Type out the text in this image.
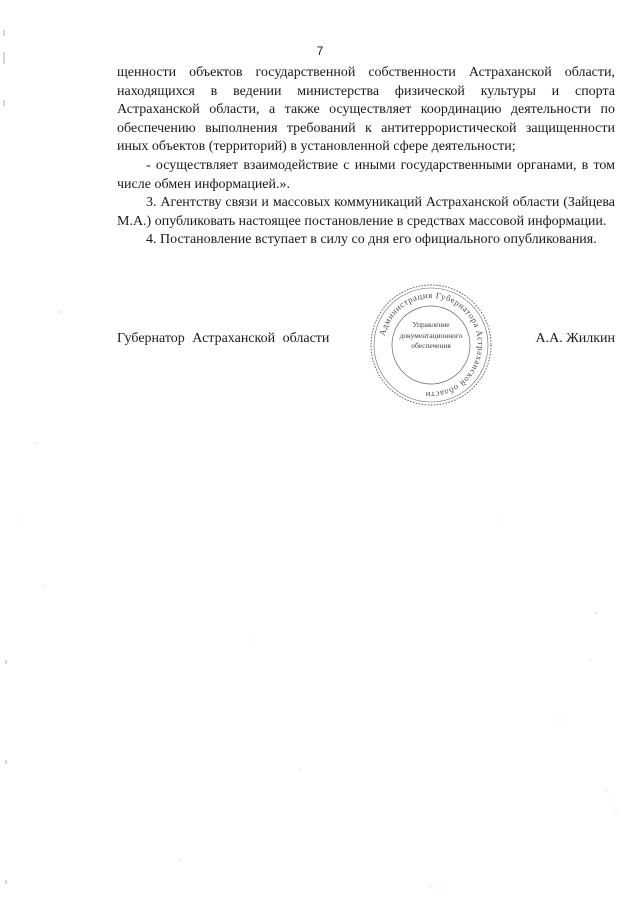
7

щенности объектов государственной собственности Астраханской области, находящихся в ведении министерства физической культуры и спорта Астраханской области, а также осуществляет координацию деятельности по обеспечению выполнения требований к антитеррористической защищенности иных объектов (территорий) в установленной сфере деятельности;

- осуществляет взаимодействие с иными государственными органами, в том числе обмен информацией.».

3. Агентству связи и массовых коммуникаций Астраханской области (Зайцева М.А.) опубликовать настоящее постановление в средствах массовой информации.

4. Постановление вступает в силу со дня его официального опубликования.

Губернатор Астраханской области	А.А. Жилкин
Администрация Губернатора Астраханской области
Управление
документационного
обеспечения
